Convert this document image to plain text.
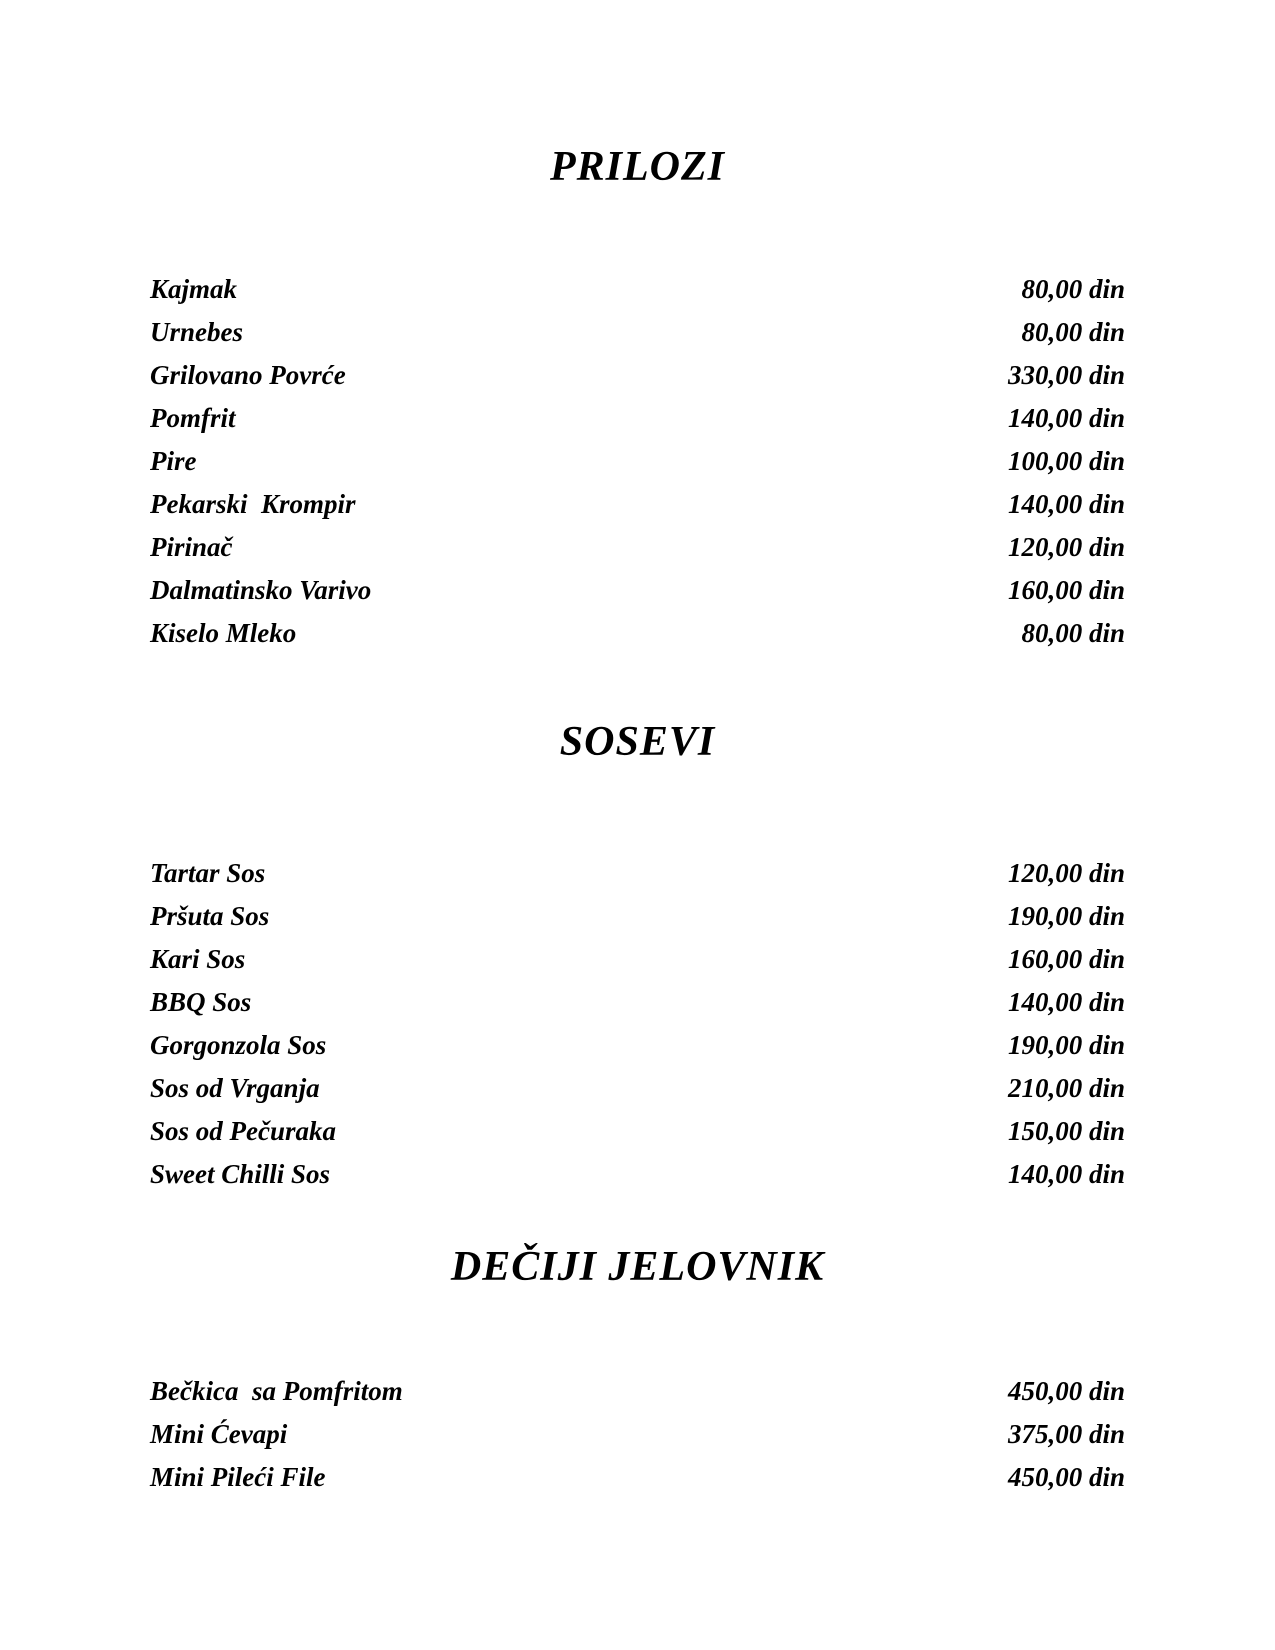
PRILOZI
Kajmak	80,00 din
Urnebes	80,00 din
Grilovano Povrće	330,00 din
Pomfrit	140,00 din
Pire	100,00 din
Pekarski  Krompir	140,00 din
Pirinač	120,00 din
Dalmatinsko Varivo	160,00 din
Kiselo Mleko	80,00 din
SOSEVI
Tartar Sos	120,00 din
Pršuta Sos	190,00 din
Kari Sos	160,00 din
BBQ Sos	140,00 din
Gorgonzola Sos	190,00 din
Sos od Vrganja	210,00 din
Sos od Pečuraka	150,00 din
Sweet Chilli Sos	140,00 din
DEČIJI JELOVNIK
Bečkica  sa Pomfritom	450,00 din
Mini Ćevapi	375,00 din
Mini Pileći File	450,00 din
